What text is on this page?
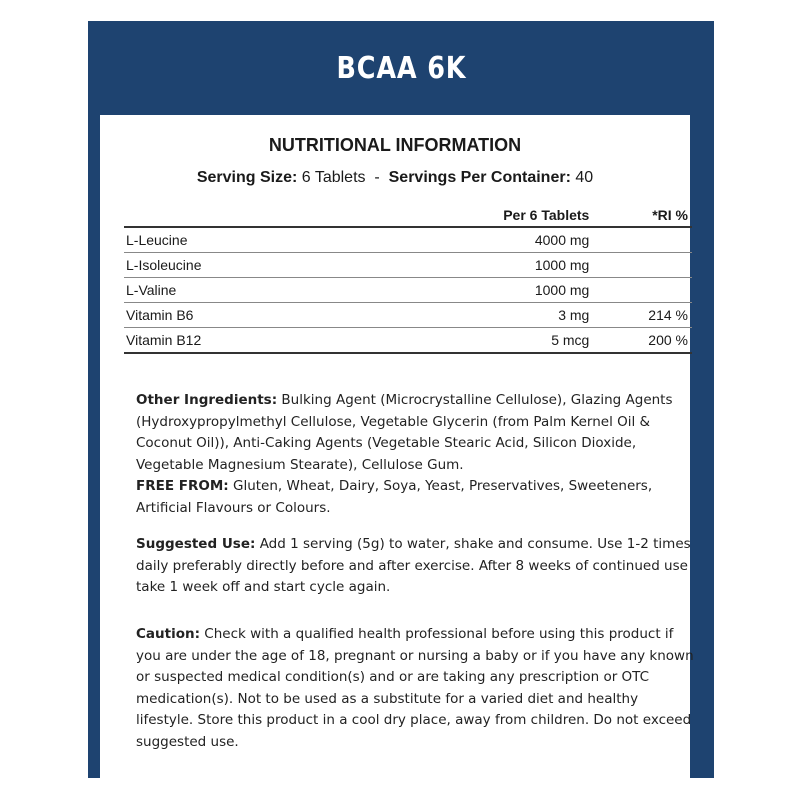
BCAA 6K
NUTRITIONAL INFORMATION
Serving Size: 6 Tablets - Servings Per Container: 40
	Per 6 Tablets	*RI %
L-Leucine	4000 mg	
L-Isoleucine	1000 mg	
L-Valine	1000 mg	
Vitamin B6	3 mg	214 %
Vitamin B12	5 mcg	200 %
Other Ingredients: Bulking Agent (Microcrystalline Cellulose), Glazing Agents (Hydroxypropylmethyl Cellulose, Vegetable Glycerin (from Palm Kernel Oil & Coconut Oil)), Anti-Caking Agents (Vegetable Stearic Acid, Silicon Dioxide, Vegetable Magnesium Stearate), Cellulose Gum.
FREE FROM: Gluten, Wheat, Dairy, Soya, Yeast, Preservatives, Sweeteners, Artificial Flavours or Colours.
Suggested Use: Add 1 serving (5g) to water, shake and consume. Use 1-2 times daily preferably directly before and after exercise. After 8 weeks of continued use take 1 week off and start cycle again.
Caution: Check with a qualified health professional before using this product if you are under the age of 18, pregnant or nursing a baby or if you have any known or suspected medical condition(s) and or are taking any prescription or OTC medication(s). Not to be used as a substitute for a varied diet and healthy lifestyle. Store this product in a cool dry place, away from children. Do not exceed suggested use.
